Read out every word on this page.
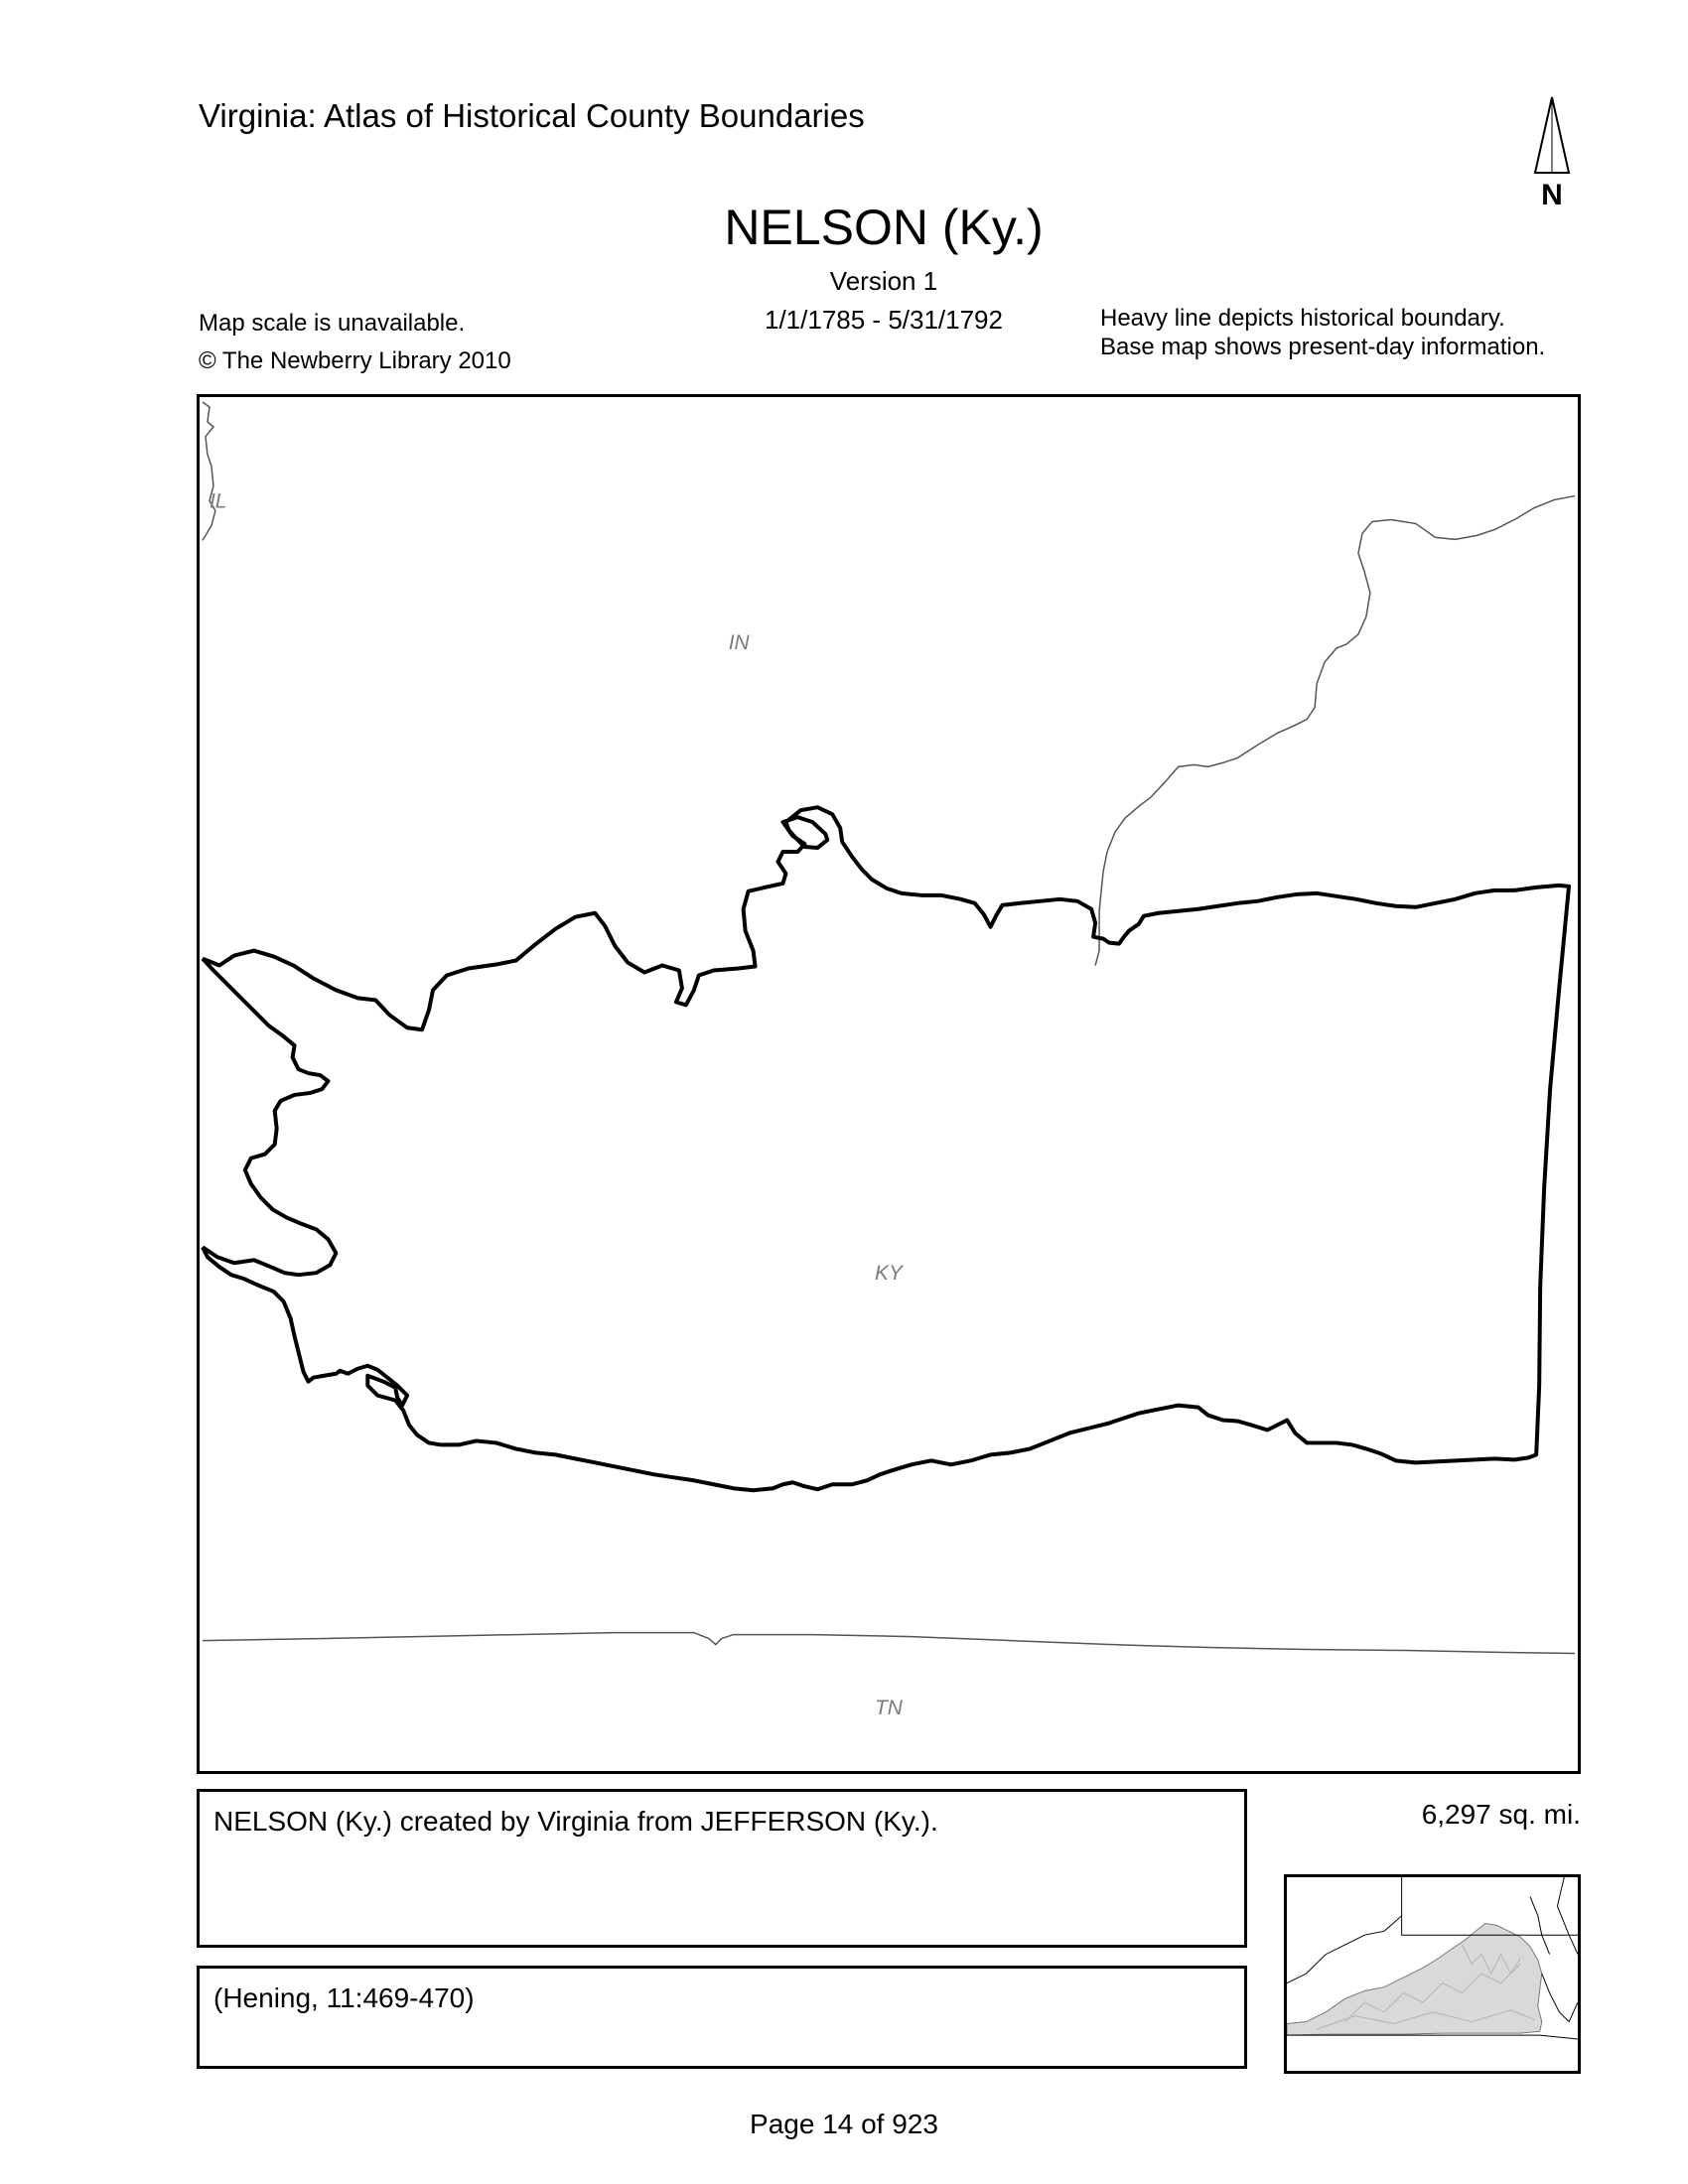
Virginia: Atlas of Historical County Boundaries
N
NELSON (Ky.)
Version 1
1/1/1785 - 5/31/1792
Map scale is unavailable.
© The Newberry Library 2010
Heavy line depicts historical boundary.
Base map shows present-day information.
IL
IN
KY
TN
NELSON (Ky.) created by Virginia from JEFFERSON (Ky.).
(Hening, 11:469-470)
6,297 sq. mi.
Page 14 of 923
